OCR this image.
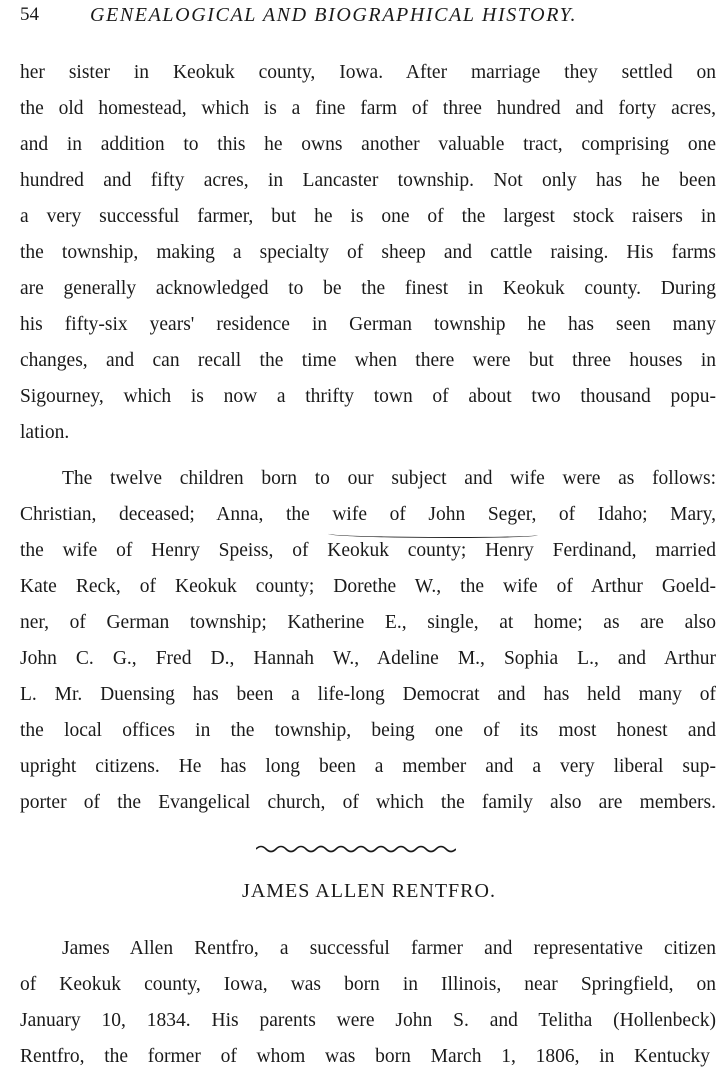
54	GENEALOGICAL AND BIOGRAPHICAL HISTORY.
her sister in Keokuk county, Iowa. After marriage they settled on
the old homestead, which is a fine farm of three hundred and forty acres,
and in addition to this he owns another valuable tract, comprising one
hundred and fifty acres, in Lancaster township. Not only has he been
a very successful farmer, but he is one of the largest stock raisers in
the township, making a specialty of sheep and cattle raising. His farms
are generally acknowledged to be the finest in Keokuk county. During
his fifty-six years' residence in German township he has seen many
changes, and can recall the time when there were but three houses in
Sigourney, which is now a thrifty town of about two thousand popu-
lation.
The twelve children born to our subject and wife were as follows:
Christian, deceased; Anna, the wife of John Seger, of Idaho; Mary,
the wife of Henry Speiss, of Keokuk county; Henry Ferdinand, married
Kate Reck, of Keokuk county; Dorethe W., the wife of Arthur Goeld-
ner, of German township; Katherine E., single, at home; as are also
John C. G., Fred D., Hannah W., Adeline M., Sophia L., and Arthur
L. Mr. Duensing has been a life-long Democrat and has held many of
the local offices in the township, being one of its most honest and
upright citizens. He has long been a member and a very liberal sup-
porter of the Evangelical church, of which the family also are members.
JAMES ALLEN RENTFRO.
James Allen Rentfro, a successful farmer and representative citizen
of Keokuk county, Iowa, was born in Illinois, near Springfield, on
January 10, 1834. His parents were John S. and Telitha (Hollenbeck)
Rentfro, the former of whom was born March 1, 1806, in Kentucky
